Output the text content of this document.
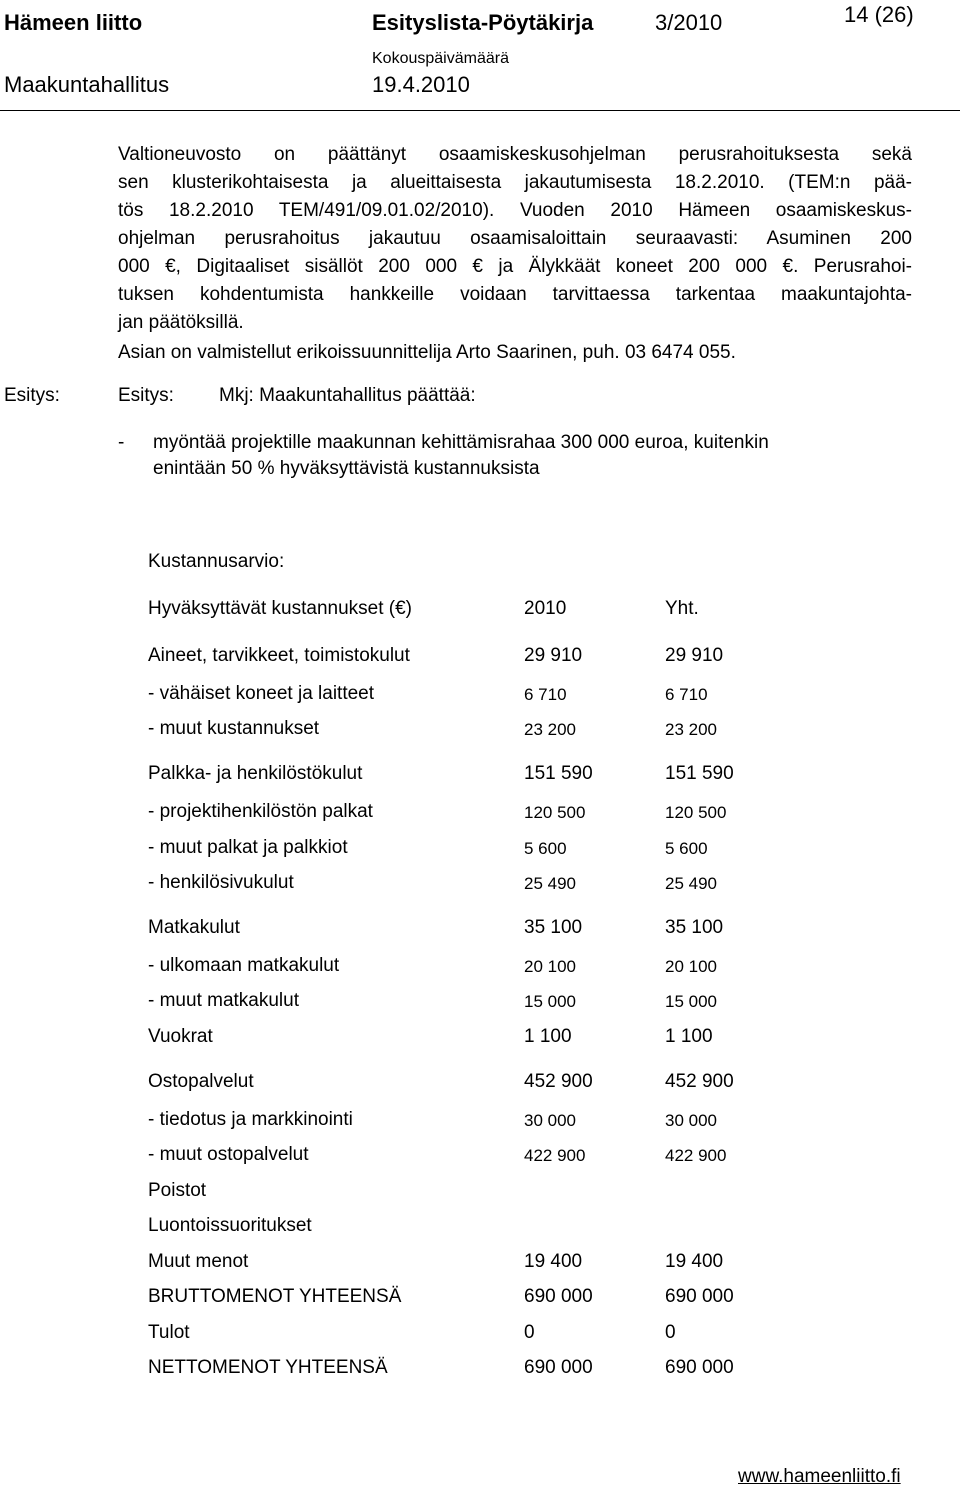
Hämeen liitto	Esityslista-Pöytäkirja	3/2010	14 (26)
Kokouspäivämäärä
Maakuntahallitus	19.4.2010
Valtioneuvosto on päättänyt osaamiskeskusohjelman perusrahoituksesta sekä
sen klusterikohtaisesta ja alueittaisesta jakautumisesta 18.2.2010. (TEM:n pää-
tös 18.2.2010 TEM/491/09.01.02/2010). Vuoden 2010 Hämeen osaamiskeskus-
ohjelman perusrahoitus jakautuu osaamisaloittain seuraavasti: Asuminen 200
000 €, Digitaaliset sisällöt 200 000 € ja Älykkäät koneet 200 000 €. Perusrahoi-
tuksen kohdentumista hankkeille voidaan tarvittaessa tarkentaa maakuntajohta-
jan päätöksillä.
Asian on valmistellut erikoissuunnittelija Arto Saarinen, puh. 03 6474 055.
Esitys:	Esitys: Mkj: Maakuntahallitus päättää:
- myöntää projektille maakunnan kehittämisrahaa 300 000 euroa, kuitenkin
enintään 50 % hyväksyttävistä kustannuksista
Kustannusarvio:
Hyväksyttävät kustannukset (€)	2010	Yht.
Aineet, tarvikkeet, toimistokulut	29 910	29 910
- vähäiset koneet ja laitteet	6 710	6 710
- muut kustannukset	23 200	23 200
Palkka- ja henkilöstökulut	151 590	151 590
- projektihenkilöstön palkat	120 500	120 500
- muut palkat ja palkkiot	5 600	5 600
- henkilösivukulut	25 490	25 490
Matkakulut	35 100	35 100
- ulkomaan matkakulut	20 100	20 100
- muut matkakulut	15 000	15 000
Vuokrat	1 100	1 100
Ostopalvelut	452 900	452 900
- tiedotus ja markkinointi	30 000	30 000
- muut ostopalvelut	422 900	422 900
Poistot
Luontoissuoritukset
Muut menot	19 400	19 400
BRUTTOMENOT YHTEENSÄ	690 000	690 000
Tulot	0	0
NETTOMENOT YHTEENSÄ	690 000	690 000
www.hameenliitto.fi
